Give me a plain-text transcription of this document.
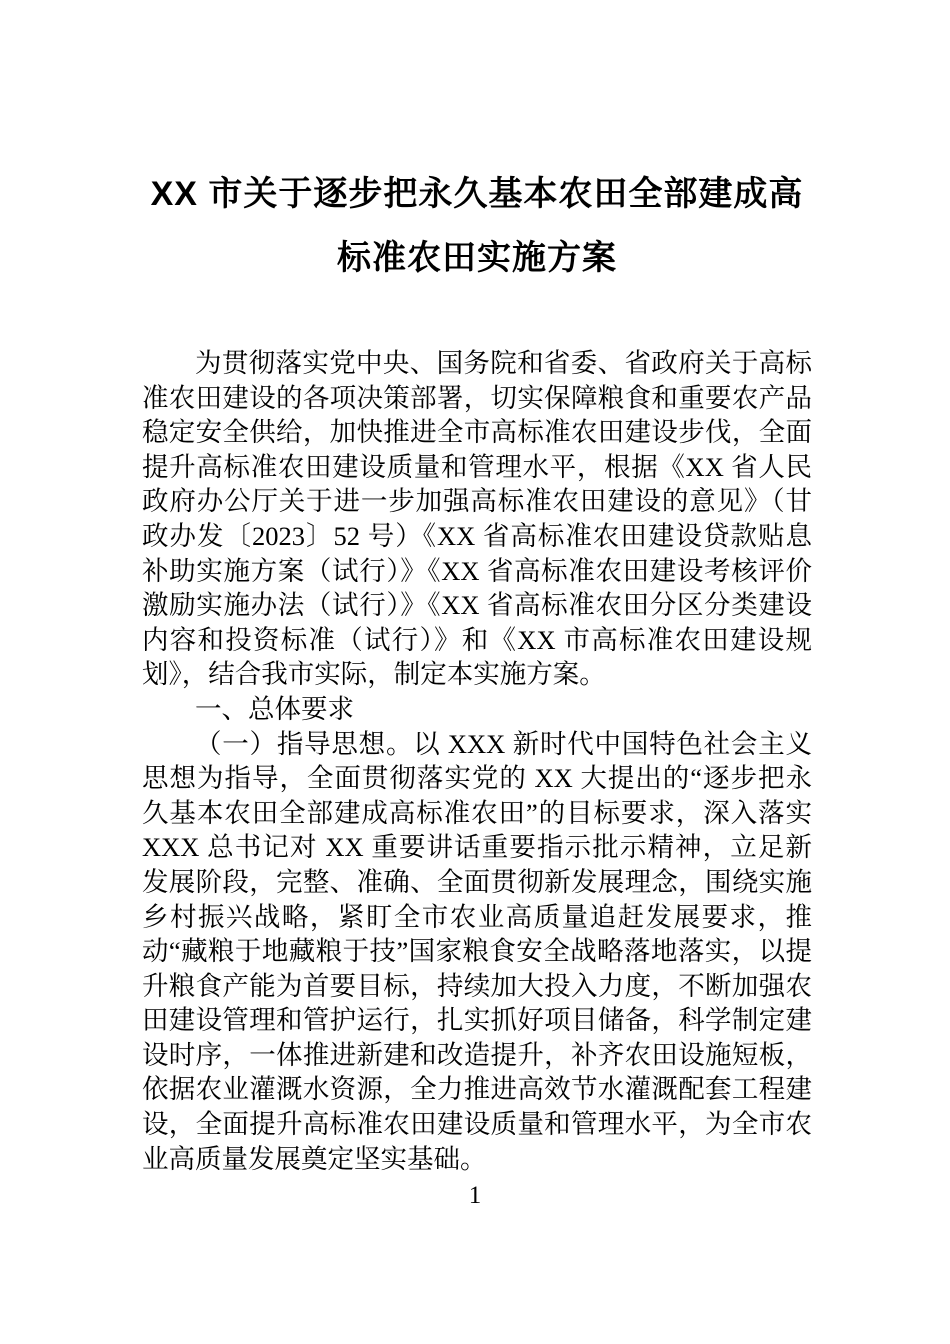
XX 市关于逐步把永久基本农田全部建成高
标准农田实施方案

为贯彻落实党中央、国务院和省委、省政府关于高标准农田建设的各项决策部署，切实保障粮食和重要农产品稳定安全供给，加快推进全市高标准农田建设步伐，全面提升高标准农田建设质量和管理水平，根据《XX 省人民政府办公厅关于进一步加强高标准农田建设的意见》（甘政办发〔2023〕52 号）《XX 省高标准农田建设贷款贴息补助实施方案（试行）》《XX 省高标准农田建设考核评价激励实施办法（试行）》《XX 省高标准农田分区分类建设内容和投资标准（试行）》和《XX 市高标准农田建设规划》，结合我市实际，制定本实施方案。

一、总体要求

（一）指导思想。以 XXX 新时代中国特色社会主义思想为指导，全面贯彻落实党的 XX 大提出的“逐步把永久基本农田全部建成高标准农田”的目标要求，深入落实 XXX 总书记对 XX 重要讲话重要指示批示精神，立足新发展阶段，完整、准确、全面贯彻新发展理念，围绕实施乡村振兴战略，紧盯全市农业高质量追赶发展要求，推动“藏粮于地藏粮于技”国家粮食安全战略落地落实，以提升粮食产能为首要目标，持续加大投入力度，不断加强农田建设管理和管护运行，扎实抓好项目储备，科学制定建设时序，一体推进新建和改造提升，补齐农田设施短板，依据农业灌溉水资源，全力推进高效节水灌溉配套工程建设，全面提升高标准农田建设质量和管理水平，为全市农业高质量发展奠定坚实基础。

1
